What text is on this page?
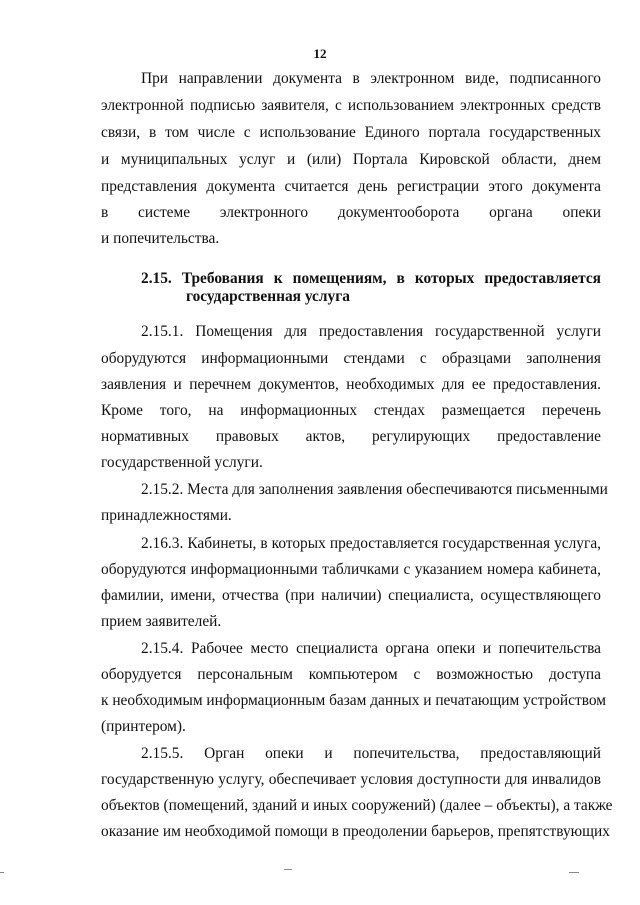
12
При направлении документа в электронном виде, подписанного
электронной подписью заявителя, с использованием электронных средств
связи, в том числе с использование Единого портала государственных
и муниципальных услуг и (или) Портала Кировской области, днем
представления документа считается день регистрации этого документа
в системе электронного документооборота органа опеки
и попечительства.
2.15. Требования к помещениям, в которых предоставляется
государственная услуга
2.15.1. Помещения для предоставления государственной услуги
оборудуются информационными стендами с образцами заполнения
заявления и перечнем документов, необходимых для ее предоставления.
Кроме того, на информационных стендах размещается перечень
нормативных правовых актов, регулирующих предоставление
государственной услуги.
2.15.2. Места для заполнения заявления обеспечиваются письменными
принадлежностями.
2.16.3. Кабинеты, в которых предоставляется государственная услуга,
оборудуются информационными табличками с указанием номера кабинета,
фамилии, имени, отчества (при наличии) специалиста, осуществляющего
прием заявителей.
2.15.4. Рабочее место специалиста органа опеки и попечительства
оборудуется персональным компьютером с возможностью доступа
к необходимым информационным базам данных и печатающим устройством
(принтером).
2.15.5. Орган опеки и попечительства, предоставляющий
государственную услугу, обеспечивает условия доступности для инвалидов
объектов (помещений, зданий и иных сооружений) (далее – объекты), а также
оказание им необходимой помощи в преодолении барьеров, препятствующих
